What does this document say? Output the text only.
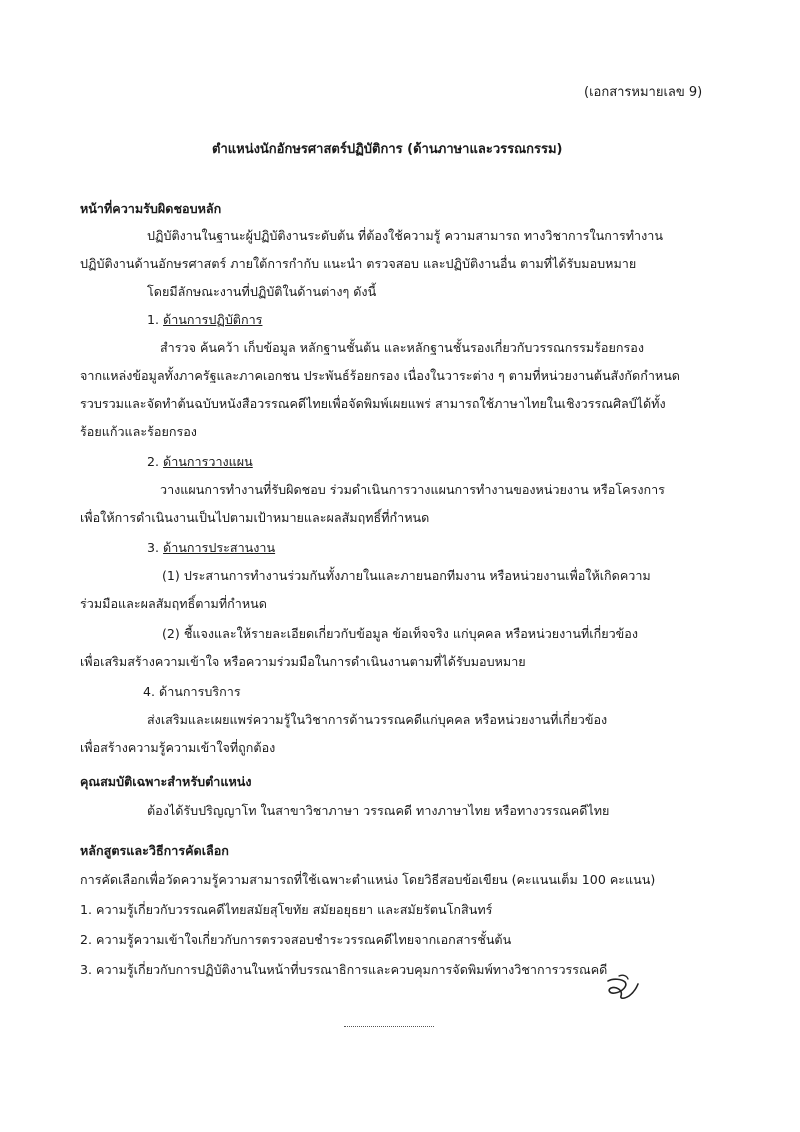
(เอกสารหมายเลข 9)
ตำแหน่งนักอักษรศาสตร์ปฏิบัติการ (ด้านภาษาและวรรณกรรม)
หน้าที่ความรับผิดชอบหลัก
ปฏิบัติงานในฐานะผู้ปฏิบัติงานระดับต้น ที่ต้องใช้ความรู้ ความสามารถ ทางวิชาการในการทำงาน
ปฏิบัติงานด้านอักษรศาสตร์ ภายใต้การกำกับ แนะนำ ตรวจสอบ และปฏิบัติงานอื่น ตามที่ได้รับมอบหมาย
โดยมีลักษณะงานที่ปฏิบัติในด้านต่างๆ ดังนี้
1. ด้านการปฏิบัติการ
สำรวจ ค้นคว้า เก็บข้อมูล หลักฐานชั้นต้น และหลักฐานชั้นรองเกี่ยวกับวรรณกรรมร้อยกรอง
จากแหล่งข้อมูลทั้งภาครัฐและภาคเอกชน ประพันธ์ร้อยกรอง เนื่องในวาระต่าง ๆ ตามที่หน่วยงานต้นสังกัดกำหนด
รวบรวมและจัดทำต้นฉบับหนังสือวรรณคดีไทยเพื่อจัดพิมพ์เผยแพร่ สามารถใช้ภาษาไทยในเชิงวรรณศิลป์ได้ทั้ง
ร้อยแก้วและร้อยกรอง
2. ด้านการวางแผน
วางแผนการทำงานที่รับผิดชอบ ร่วมดำเนินการวางแผนการทำงานของหน่วยงาน หรือโครงการ
เพื่อให้การดำเนินงานเป็นไปตามเป้าหมายและผลสัมฤทธิ์ที่กำหนด
3. ด้านการประสานงาน
(1) ประสานการทำงานร่วมกันทั้งภายในและภายนอกทีมงาน หรือหน่วยงานเพื่อให้เกิดความ
ร่วมมือและผลสัมฤทธิ์ตามที่กำหนด
(2) ชี้แจงและให้รายละเอียดเกี่ยวกับข้อมูล ข้อเท็จจริง แก่บุคคล หรือหน่วยงานที่เกี่ยวข้อง
เพื่อเสริมสร้างความเข้าใจ หรือความร่วมมือในการดำเนินงานตามที่ได้รับมอบหมาย
4. ด้านการบริการ
ส่งเสริมและเผยแพร่ความรู้ในวิชาการด้านวรรณคดีแก่บุคคล หรือหน่วยงานที่เกี่ยวข้อง
เพื่อสร้างความรู้ความเข้าใจที่ถูกต้อง
คุณสมบัติเฉพาะสำหรับตำแหน่ง
ต้องได้รับปริญญาโท ในสาขาวิชาภาษา วรรณคดี ทางภาษาไทย หรือทางวรรณคดีไทย
หลักสูตรและวิธีการคัดเลือก
การคัดเลือกเพื่อวัดความรู้ความสามารถที่ใช้เฉพาะตำแหน่ง โดยวิธีสอบข้อเขียน (คะแนนเต็ม 100 คะแนน)
1. ความรู้เกี่ยวกับวรรณคดีไทยสมัยสุโขทัย สมัยอยุธยา และสมัยรัตนโกสินทร์
2. ความรู้ความเข้าใจเกี่ยวกับการตรวจสอบชำระวรรณคดีไทยจากเอกสารชั้นต้น
3. ความรู้เกี่ยวกับการปฏิบัติงานในหน้าที่บรรณาธิการและควบคุมการจัดพิมพ์ทางวิชาการวรรณคดี
